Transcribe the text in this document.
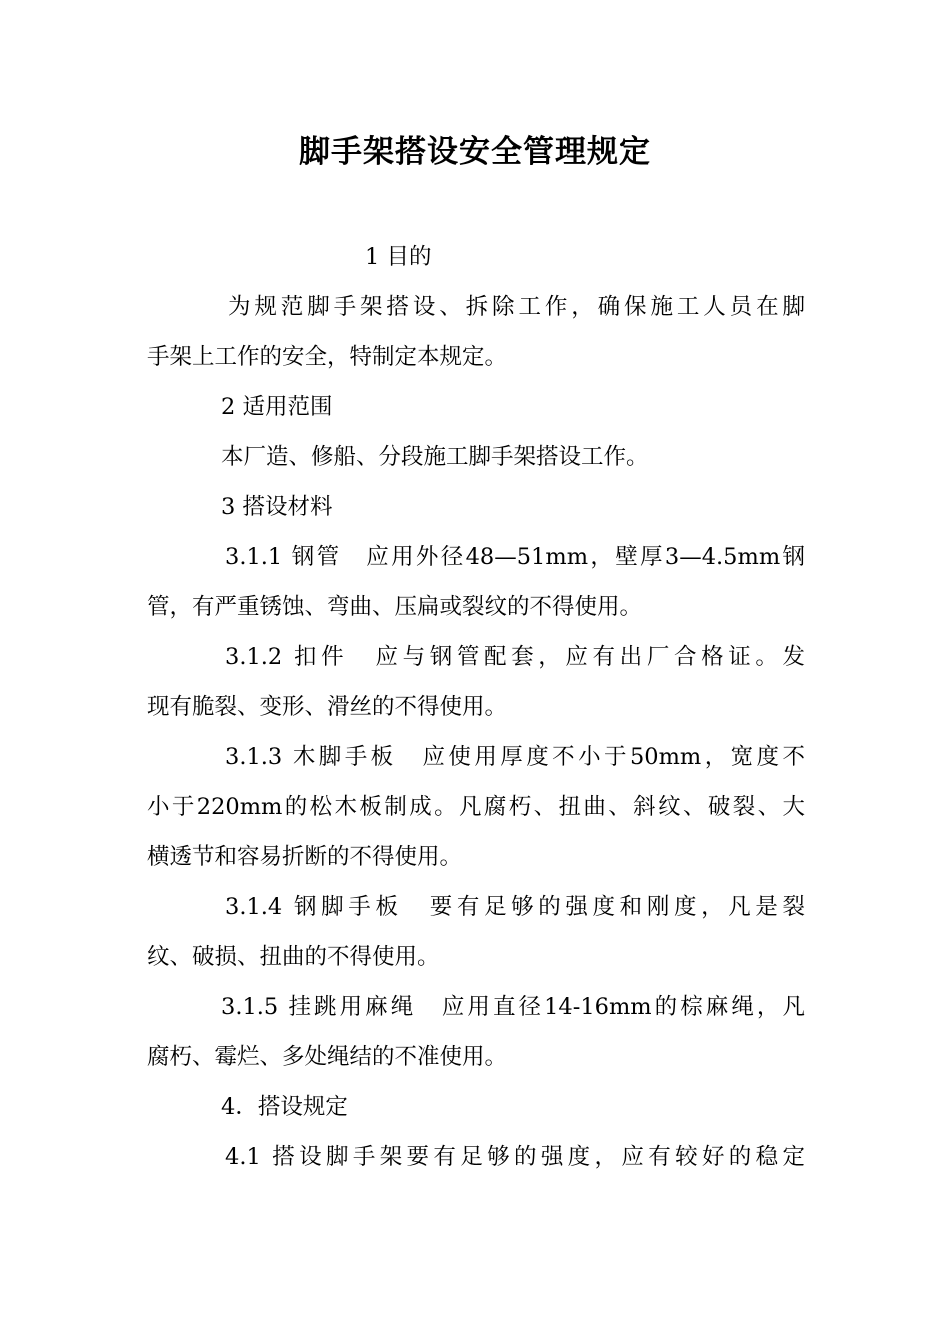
脚手架搭设安全管理规定
1 目的
为规范脚手架搭设、拆除工作，确保施工人员在脚
手架上工作的安全，特制定本规定。
2 适用范围
本厂造、修船、分段施工脚手架搭设工作。
3 搭设材料
3.1.1 钢管　应用外径48—51mm，壁厚3—4.5mm钢
管，有严重锈蚀、弯曲、压扁或裂纹的不得使用。
3.1.2 扣件　应与钢管配套，应有出厂合格证。发
现有脆裂、变形、滑丝的不得使用。
3.1.3 木脚手板　应使用厚度不小于50mm，宽度不
小于220mm的松木板制成。凡腐朽、扭曲、斜纹、破裂、大
横透节和容易折断的不得使用。
3.1.4 钢脚手板　要有足够的强度和刚度，凡是裂
纹、破损、扭曲的不得使用。
3.1.5 挂跳用麻绳　应用直径14-16mm的棕麻绳，凡
腐朽、霉烂、多处绳结的不准使用。
4．搭设规定
4.1 搭设脚手架要有足够的强度，应有较好的稳定
